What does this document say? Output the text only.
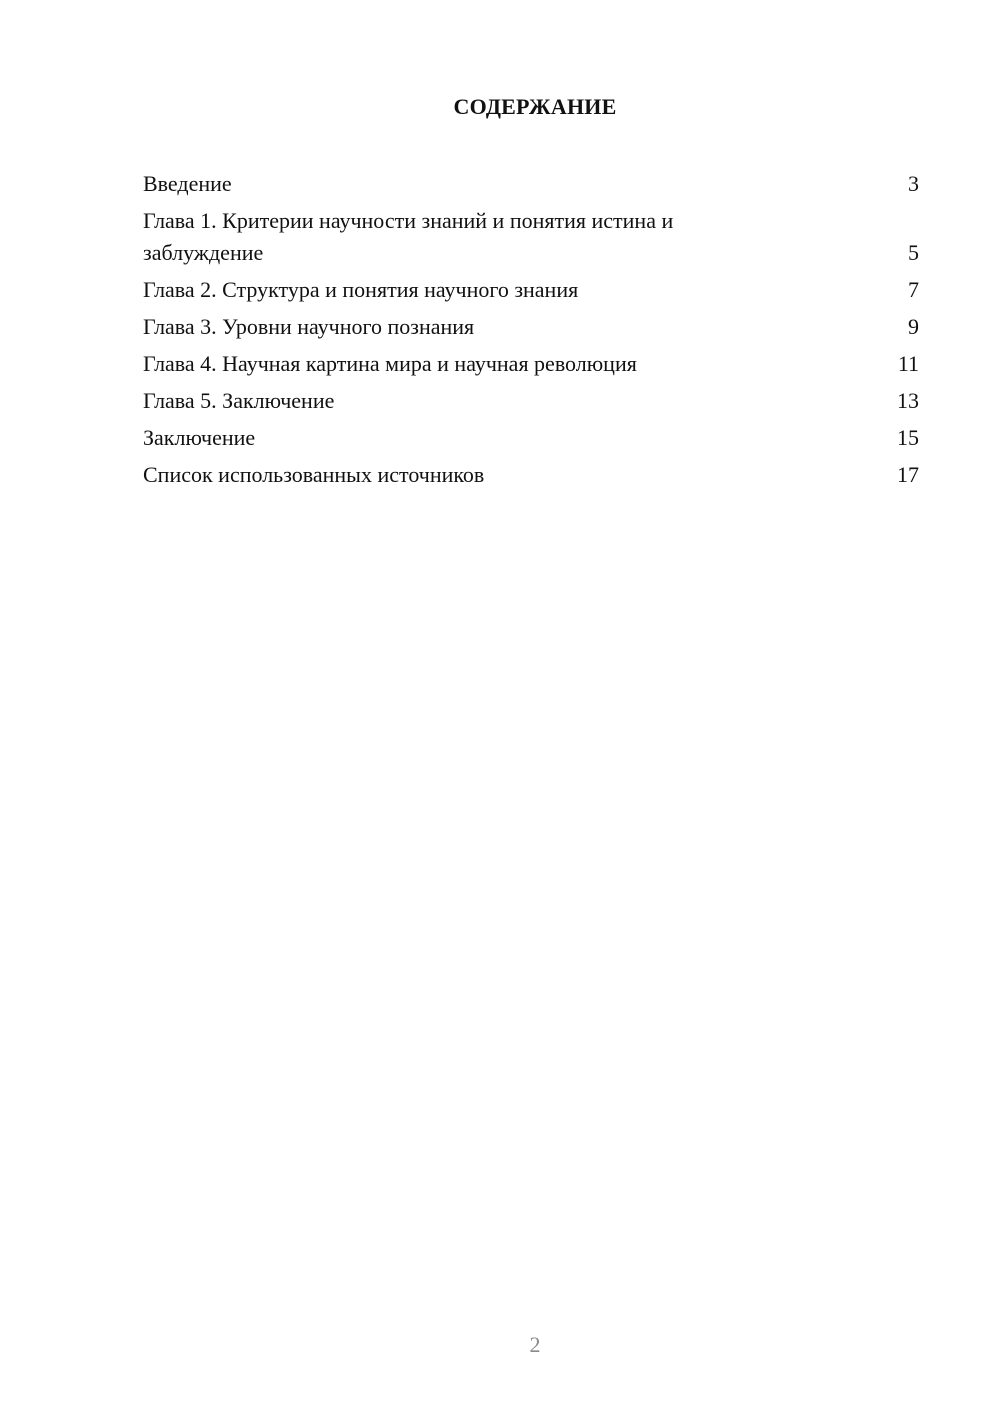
СОДЕРЖАНИЕ
Введение	3
Глава 1. Критерии научности знаний и понятия истина и заблуждение	5
Глава 2. Структура и понятия научного знания	7
Глава 3. Уровни научного познания	9
Глава 4. Научная картина мира и научная революция	11
Глава 5. Заключение	13
Заключение	15
Список использованных источников	17
2
